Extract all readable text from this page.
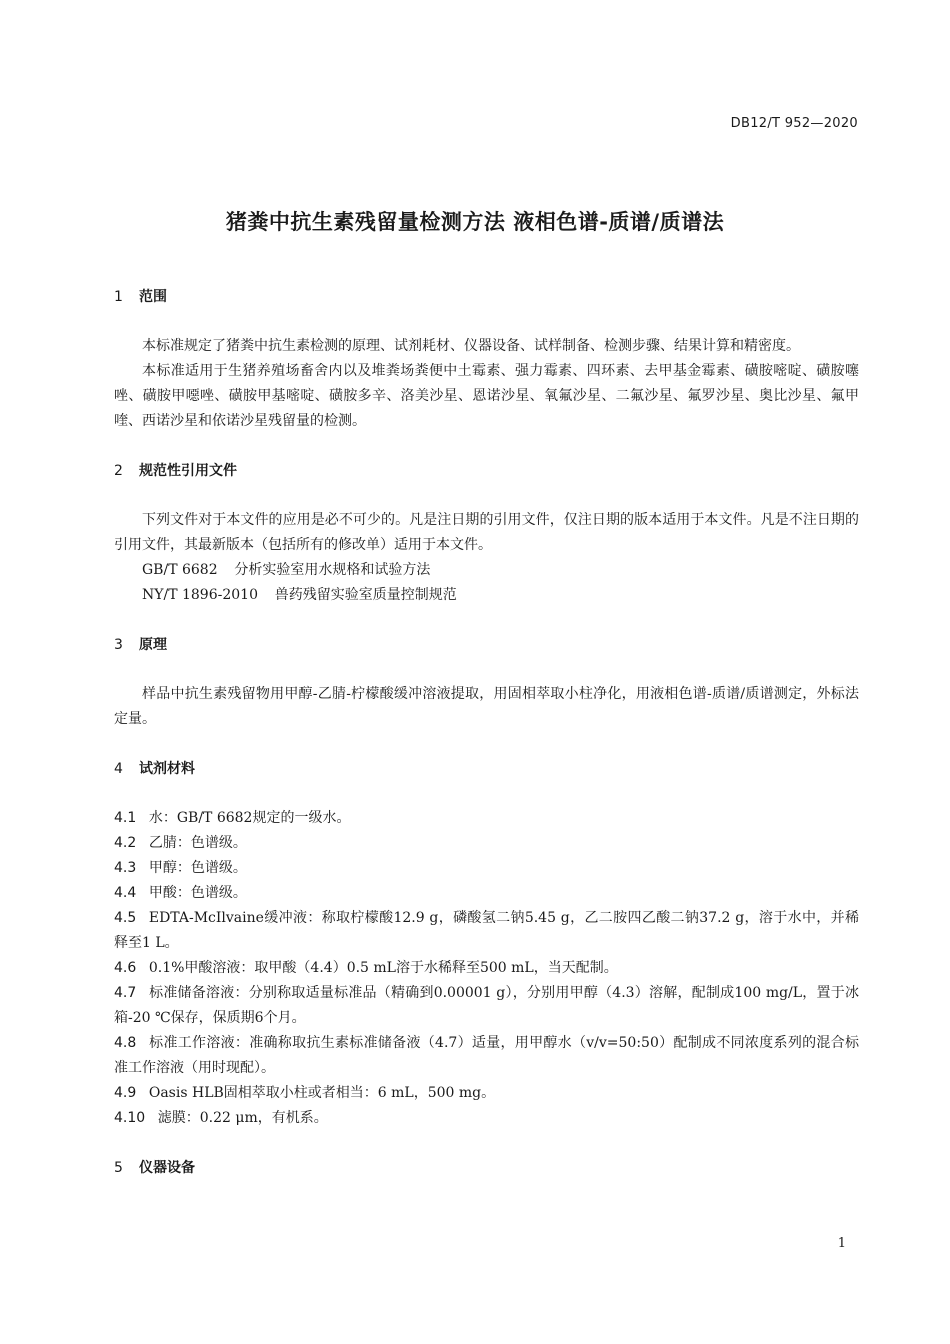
DB12/T 952—2020
猪粪中抗生素残留量检测方法 液相色谱-质谱/质谱法

1 范围

本标准规定了猪粪中抗生素检测的原理、试剂耗材、仪器设备、试样制备、检测步骤、结果计算和精密度。

本标准适用于生猪养殖场畜舍内以及堆粪场粪便中土霉素、强力霉素、四环素、去甲基金霉素、磺胺嘧啶、磺胺噻唑、磺胺甲噁唑、磺胺甲基嘧啶、磺胺多辛、洛美沙星、恩诺沙星、氧氟沙星、二氟沙星、氟罗沙星、奥比沙星、氟甲喹、西诺沙星和依诺沙星残留量的检测。

2 规范性引用文件

下列文件对于本文件的应用是必不可少的。凡是注日期的引用文件，仅注日期的版本适用于本文件。凡是不注日期的引用文件，其最新版本（包括所有的修改单）适用于本文件。

GB/T 6682 分析实验室用水规格和试验方法

NY/T 1896-2010 兽药残留实验室质量控制规范

3 原理

样品中抗生素残留物用甲醇-乙腈-柠檬酸缓冲溶液提取，用固相萃取小柱净化，用液相色谱-质谱/质谱测定，外标法定量。

4 试剂材料

4.1 水：GB/T 6682规定的一级水。

4.2 乙腈：色谱级。

4.3 甲醇：色谱级。

4.4 甲酸：色谱级。

4.5 EDTA-McIlvaine缓冲液：称取柠檬酸12.9 g，磷酸氢二钠5.45 g，乙二胺四乙酸二钠37.2 g，溶于水中，并稀释至1 L。

4.6 0.1%甲酸溶液：取甲酸（4.4）0.5 mL溶于水稀释至500 mL，当天配制。

4.7 标准储备溶液：分别称取适量标准品（精确到0.00001 g），分别用甲醇（4.3）溶解，配制成100 mg/L，置于冰箱-20 ℃保存，保质期6个月。

4.8 标准工作溶液：准确称取抗生素标准储备液（4.7）适量，用甲醇水（v/v=50:50）配制成不同浓度系列的混合标准工作溶液（用时现配）。

4.9 Oasis HLB固相萃取小柱或者相当：6 mL，500 mg。

4.10 滤膜：0.22 μm，有机系。

5 仪器设备

1
